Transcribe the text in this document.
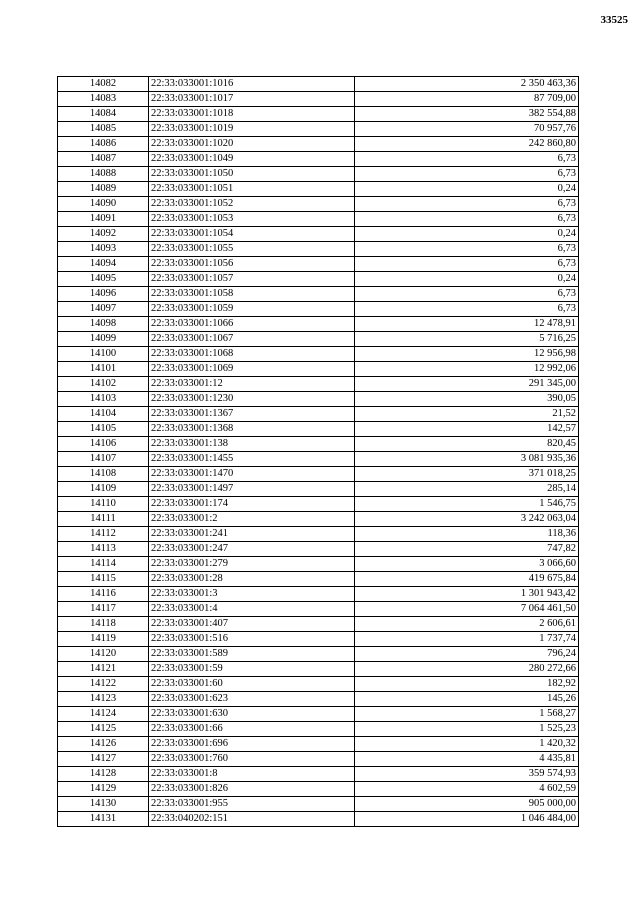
33525
14082	22:33:033001:1016	2 350 463,36
14083	22:33:033001:1017	87 709,00
14084	22:33:033001:1018	382 554,88
14085	22:33:033001:1019	70 957,76
14086	22:33:033001:1020	242 860,80
14087	22:33:033001:1049	6,73
14088	22:33:033001:1050	6,73
14089	22:33:033001:1051	0,24
14090	22:33:033001:1052	6,73
14091	22:33:033001:1053	6,73
14092	22:33:033001:1054	0,24
14093	22:33:033001:1055	6,73
14094	22:33:033001:1056	6,73
14095	22:33:033001:1057	0,24
14096	22:33:033001:1058	6,73
14097	22:33:033001:1059	6,73
14098	22:33:033001:1066	12 478,91
14099	22:33:033001:1067	5 716,25
14100	22:33:033001:1068	12 956,98
14101	22:33:033001:1069	12 992,06
14102	22:33:033001:12	291 345,00
14103	22:33:033001:1230	390,05
14104	22:33:033001:1367	21,52
14105	22:33:033001:1368	142,57
14106	22:33:033001:138	820,45
14107	22:33:033001:1455	3 081 935,36
14108	22:33:033001:1470	371 018,25
14109	22:33:033001:1497	285,14
14110	22:33:033001:174	1 546,75
14111	22:33:033001:2	3 242 063,04
14112	22:33:033001:241	118,36
14113	22:33:033001:247	747,82
14114	22:33:033001:279	3 066,60
14115	22:33:033001:28	419 675,84
14116	22:33:033001:3	1 301 943,42
14117	22:33:033001:4	7 064 461,50
14118	22:33:033001:407	2 606,61
14119	22:33:033001:516	1 737,74
14120	22:33:033001:589	796,24
14121	22:33:033001:59	280 272,66
14122	22:33:033001:60	182,92
14123	22:33:033001:623	145,26
14124	22:33:033001:630	1 568,27
14125	22:33:033001:66	1 525,23
14126	22:33:033001:696	1 420,32
14127	22:33:033001:760	4 435,81
14128	22:33:033001:8	359 574,93
14129	22:33:033001:826	4 602,59
14130	22:33:033001:955	905 000,00
14131	22:33:040202:151	1 046 484,00
